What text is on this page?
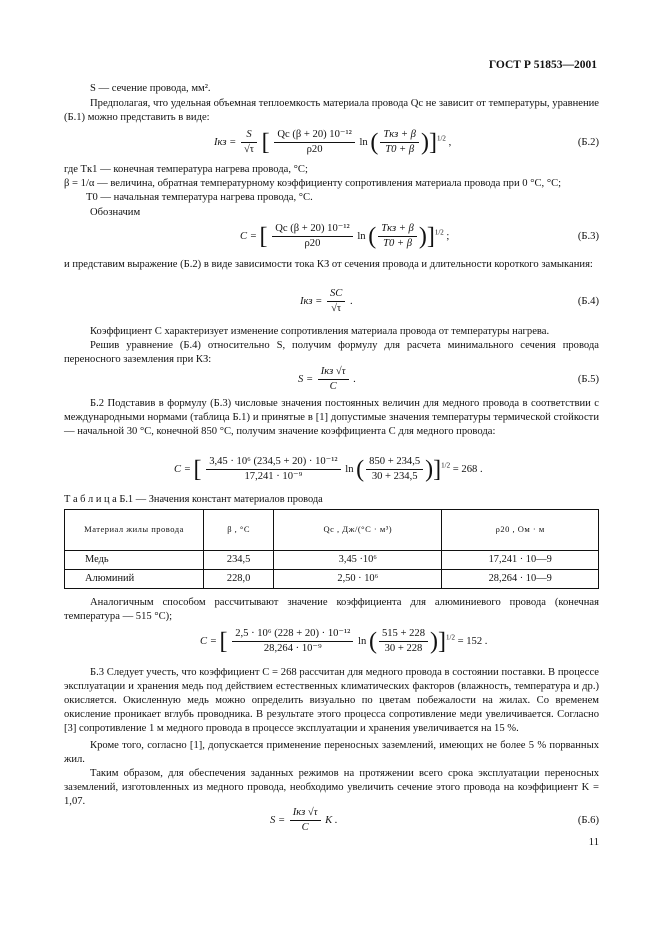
ГОСТ Р 51853—2001
S — сечение провода, мм².
Предполагая, что удельная объемная теплоемкость материала провода Qс не зависит от температуры, уравнение (Б.1) можно представить в виде:
Iкз = $\frac{S}{√\tau}$ [ $\frac{\text{Qс (β + 20) 10⁻¹²}}{\rho 20}$ ln ( $\frac{\text{Tкз + β}}{T0 + \beta} )]^{1/2}$ ,	(Б.2)
где Tк1 — конечная температура нагрева провода, °С;
β = 1/α — величина, обратная температурному коэффициенту сопротивления материала провода при 0 °С, °С;
T0 — начальная температура нагрева провода, °С.
Обозначим
C = [ $\frac{\text{Qс (β + 20) 10⁻¹²}}{\rho 20}$ ln ( $\frac{\text{Tкз + β}}{T0 + \beta} )]^{1/2}$ ;	(Б.3)
и представим выражение (Б.2) в виде зависимости тока КЗ от сечения провода и длительности короткого замыкания:
Iкз = $\frac{SC}{√\tau}$ .	(Б.4)
Коэффициент C характеризует изменение сопротивления материала провода от температуры нагрева.
Решив уравнение (Б.4) относительно S, получим формулу для расчета минимального сечения провода переносного заземления при КЗ:
$S = \frac{\text{Iкз √τ}}{C}$ .	(Б.5)
Б.2 Подставив в формулу (Б.3) числовые значения постоянных величин для медного провода в соответствии с международными нормами (таблица Б.1) и принятые в [1] допустимые значения температуры термической стойкости — начальной 30 °С, конечной 850 °С, получим значение коэффициента C для медного провода:
C = [ $\frac{\text{3,45 · 10⁶ (234,5 + 20) · 10⁻¹²}}{\text{17,241 · 10⁻⁹}}$ ln ( $\frac{850 + 234,5}{30 + 234,5} )]^{1/2} = 268$ .
Т а б л и ц а Б.1 — Значения констант материалов провода
Материал жилы провода	β , °С	Qс , Дж/(°С · м³)	ρ20 , Ом · м
Медь	234,5	3,45 ·10⁶	17,241 · 10—9
Алюминий	228,0	2,50 · 10⁶	28,264 · 10—9
Аналогичным способом рассчитывают значение коэффициента для алюминиевого провода (конечная температура — 515 °С);
C = [ $\frac{\text{2,5 · 10⁶ (228 + 20) · 10⁻¹²}}{\text{28,264 · 10⁻⁹}}$ ln ( $\frac{515 + 228}{30 + 228} )]^{1/2} = 152$ .
Б.3 Следует учесть, что коэффициент C = 268 рассчитан для медного провода в состоянии поставки. В процессе эксплуатации и хранения медь под действием естественных климатических факторов (влажность, температура и др.) окисляется. Окисленную медь можно определить визуально по цветам побежалости на жилах. Со временем окисление проникает вглубь проводника. В результате этого процесса сопротивление меди увеличивается. Согласно [3] сопротивление 1 м медного провода в процессе эксплуатации и хранения увеличивается на 15 %.
Кроме того, согласно [1], допускается применение переносных заземлений, имеющих не более 5 % порванных жил.
Таким образом, для обеспечения заданных режимов на протяжении всего срока эксплуатации переносных заземлений, изготовленных из медного провода, необходимо увеличить сечение этого провода на коэффициент K = 1,07.
$S = \frac{\text{Iкз √τ}}{C}$ K .	(Б.6)
11
